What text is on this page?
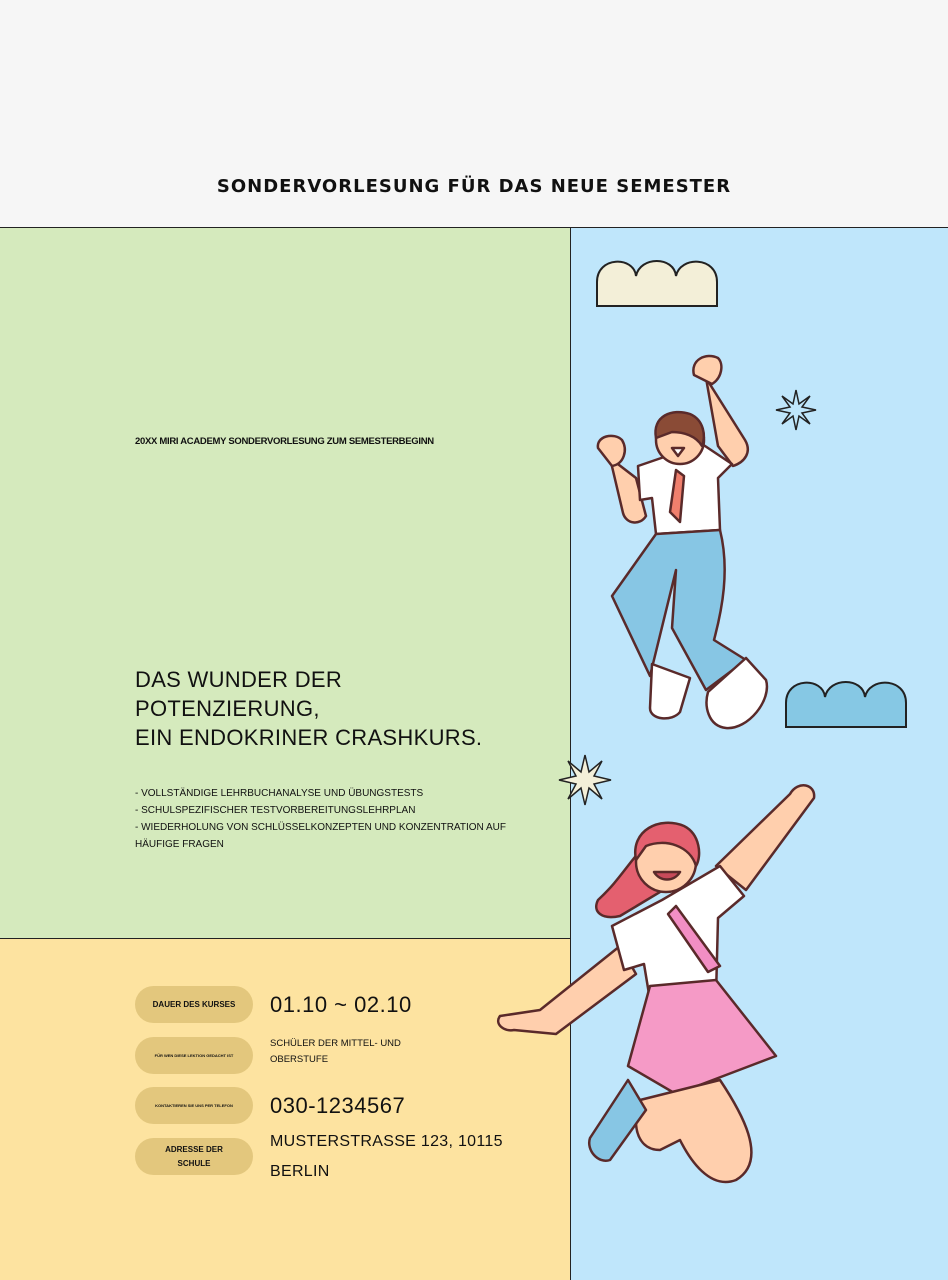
SONDERVORLESUNG FÜR DAS NEUE SEMESTER
20XX MIRI ACADEMY SONDERVORLESUNG ZUM SEMESTERBEGINN
DAS WUNDER DER POTENZIERUNG,
EIN ENDOKRINER CRASHKURS.
- VOLLSTÄNDIGE LEHRBUCHANALYSE UND ÜBUNGSTESTS
- SCHULSPEZIFISCHER TESTVORBEREITUNGSLEHRPLAN
- WIEDERHOLUNG VON SCHLÜSSELKONZEPTEN UND KONZENTRATION AUF HÄUFIGE FRAGEN
DAUER DES KURSES	01.10 ~ 02.10
FÜR WEN DIESE LEKTION GEDACHT IST
SCHÜLER DER MITTEL- UND OBERSTUFE
KONTAKTIEREN SIE UNS PER TELEFON	030-1234567
ADRESSE DER SCHULE
MUSTERSTRASSE 123, 10115 BERLIN
